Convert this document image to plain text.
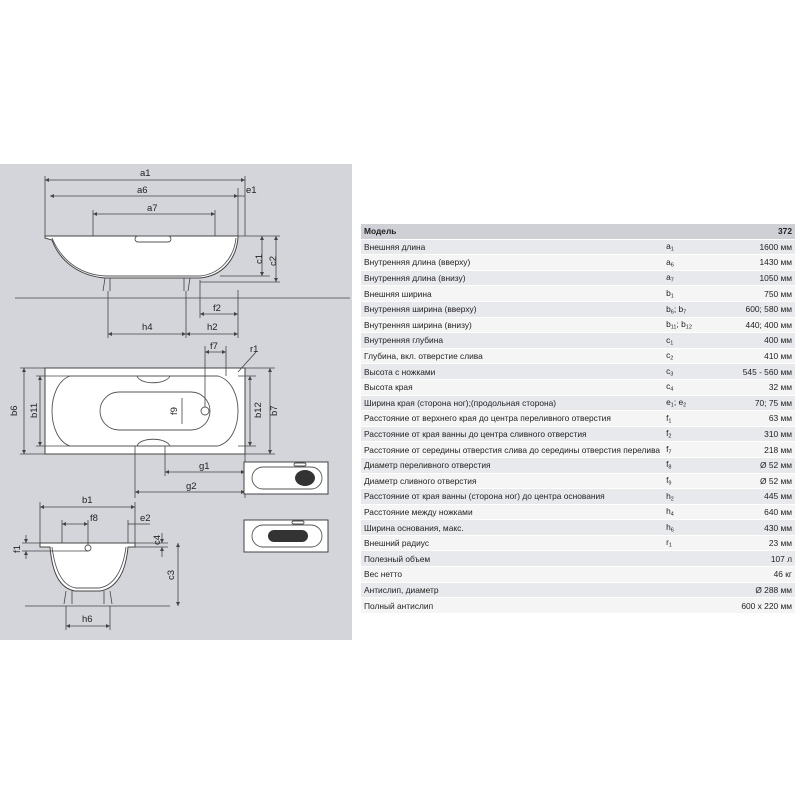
a1
a6
a7
e1
c1 c2
f2
h4	h2
f7	r1
f9
b6 b11	b12 b7
g1
g2
b1
f8	e2
c4
f1
c3
h6
Модель		372
Внешняя длина	$a_1$	1600 мм
Внутренняя длина (вверху)	$a_6$	1430 мм
Внутренняя длина (внизу)	$a_7$	1050 мм
Внешняя ширина	$b_1$	750 мм
Внутренняя ширина (вверху)	$b_6$; $b_7$	600; 580 мм
Внутренняя ширина (внизу)	$b_{11}$; $b_{12}$	440; 400 мм
Внутренняя глубина	$c_1$	400 мм
Глубина, вкл. отверстие слива	$c_2$	410 мм
Высота с ножками	$c_3$	545 - 560 мм
Высота края	$c_4$	32 мм
Ширина края (сторона ног);(продольная сторона)	$e_1$; $e_2$	70; 75 мм
Расстояние от верхнего края до центра переливного отверстия	$f_1$	63 мм
Расстояние от края ванны до центра сливного отверстия	$f_2$	310 мм
Расстояние от середины отверстия слива до середины отверстия перелива	$f_7$	218 мм
Диаметр переливного отверстия	$f_8$	Ø 52 мм
Диаметр сливного отверстия	$f_9$	Ø 52 мм
Расстояние от края ванны (сторона ног) до центра основания	$h_2$	445 мм
Расстояние между ножками	$h_4$	640 мм
Ширина основания, макс.	$h_6$	430 мм
Внешний радиус	$r_1$	23 мм
Полезный объем		107 л
Вес нетто		46 кг
Антислип, диаметр		Ø 288 мм
Полный антислип		600 x 220 мм
